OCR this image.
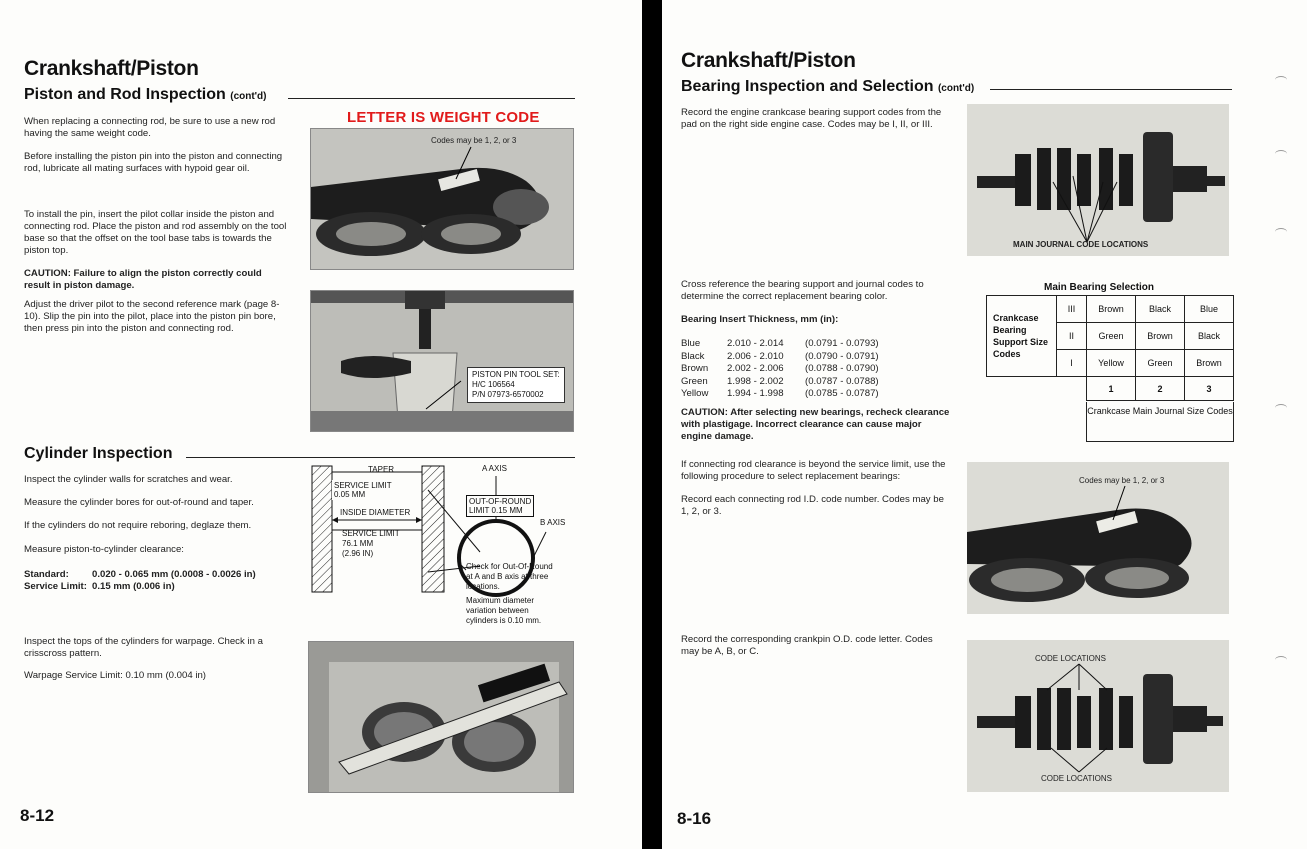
Crankshaft/Piston
Piston and Rod Inspection (cont'd)
When replacing a connecting rod, be sure to use a new rod having the same weight code.
Before installing the piston pin into the piston and connecting rod, lubricate all mating surfaces with hypoid gear oil.
To install the pin, insert the pilot collar inside the piston and connecting rod. Place the piston and rod assembly on the tool base so that the offset on the tool base tabs is towards the piston top.
CAUTION: Failure to align the piston correctly could result in piston damage.
Adjust the driver pilot to the second reference mark (page 8-10). Slip the pin into the pilot, place into the piston pin bore, then press pin into the piston and connecting rod.
LETTER IS WEIGHT CODE
Codes may be 1, 2, or 3
PISTON PIN TOOL SET:
H/C 106564
P/N 07973-6570002
Cylinder Inspection
Inspect the cylinder walls for scratches and wear.
Measure the cylinder bores for out-of-round and taper.
If the cylinders do not require reboring, deglaze them.
Measure piston-to-cylinder clearance:
Standard: 0.020 - 0.065 mm (0.0008 - 0.0026 in)
Service Limit: 0.15 mm (0.006 in)
TAPER
SERVICE LIMIT
0.05 MM
INSIDE DIAMETER
SERVICE LIMIT
76.1 MM
(2.96 IN)
A AXIS
B AXIS
OUT-OF-ROUND
LIMIT 0.15 MM
Check for Out-Of-Round
at A and B axis at three
locations.
Maximum diameter
variation between
cylinders is 0.10 mm.
Inspect the tops of the cylinders for warpage. Check in a crisscross pattern.
Warpage Service Limit: 0.10 mm (0.004 in)
8-12
Crankshaft/Piston
Bearing Inspection and Selection (cont'd)
Record the engine crankcase bearing support codes from the pad on the right side engine case. Codes may be I, II, or III.
MAIN JOURNAL CODE LOCATIONS
Cross reference the bearing support and journal codes to determine the correct replacement bearing color.
Bearing Insert Thickness, mm (in):
Blue	2.010 - 2.014	(0.0791 - 0.0793)
Black	2.006 - 2.010	(0.0790 - 0.0791)
Brown	2.002 - 2.006	(0.0788 - 0.0790)
Green	1.998 - 2.002	(0.0787 - 0.0788)
Yellow	1.994 - 1.998	(0.0785 - 0.0787)
CAUTION: After selecting new bearings, recheck clearance with plastigage. Incorrect clearance can cause major engine damage.
If connecting rod clearance is beyond the service limit, use the following procedure to select replacement bearings:
Record each connecting rod I.D. code number. Codes may be 1, 2, or 3.
Main Bearing Selection
Crankcase Bearing Support Size Codes	III	Brown	Black	Blue
	II	Green	Brown	Black
	I	Yellow	Green	Brown
		1	2	3
Crankcase Main Journal Size Codes
Codes may be 1, 2, or 3
Record the corresponding crankpin O.D. code letter. Codes may be A, B, or C.
CODE LOCATIONS
CODE LOCATIONS
8-16
